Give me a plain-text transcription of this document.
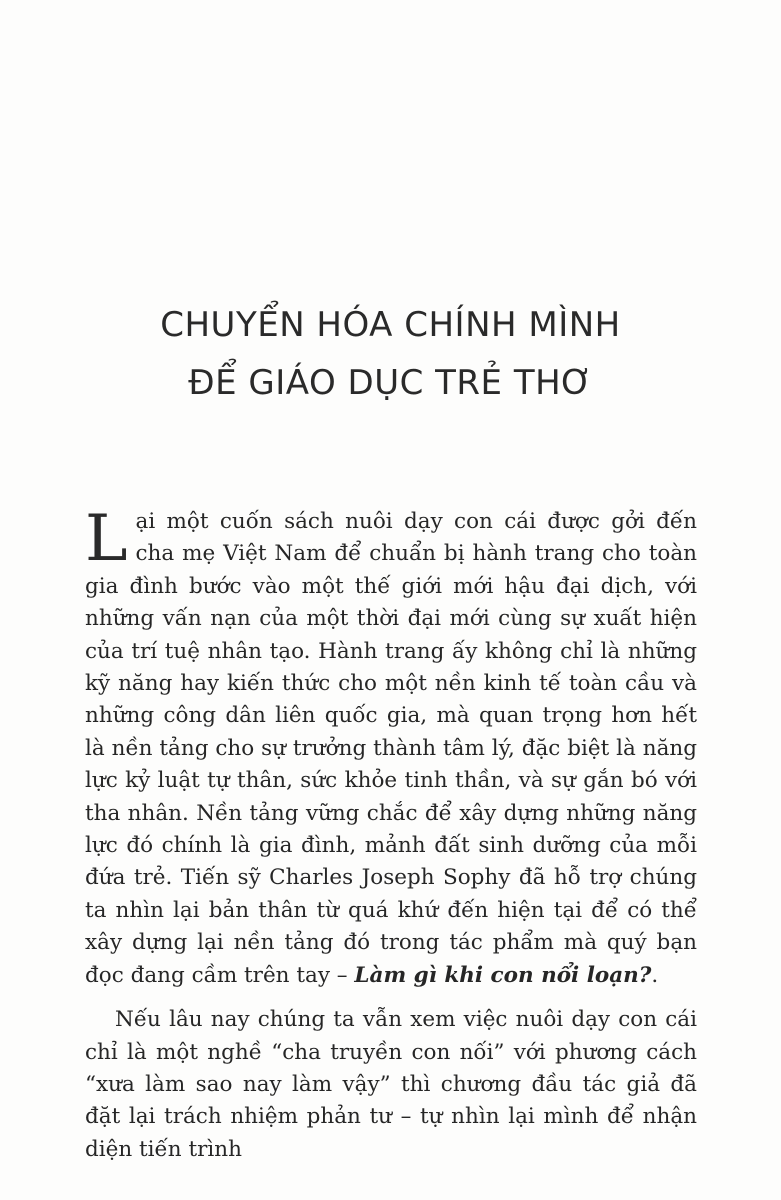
CHUYỂN HÓA CHÍNH MÌNH
ĐỂ GIÁO DỤC TRẺ THƠ

Lại một cuốn sách nuôi dạy con cái được gởi đến cha mẹ Việt Nam để chuẩn bị hành trang cho toàn gia đình bước vào một thế giới mới hậu đại dịch, với những vấn nạn của một thời đại mới cùng sự xuất hiện của trí tuệ nhân tạo. Hành trang ấy không chỉ là những kỹ năng hay kiến thức cho một nền kinh tế toàn cầu và những công dân liên quốc gia, mà quan trọng hơn hết là nền tảng cho sự trưởng thành tâm lý, đặc biệt là năng lực kỷ luật tự thân, sức khỏe tinh thần, và sự gắn bó với tha nhân. Nền tảng vững chắc để xây dựng những năng lực đó chính là gia đình, mảnh đất sinh dưỡng của mỗi đứa trẻ. Tiến sỹ Charles Joseph Sophy đã hỗ trợ chúng ta nhìn lại bản thân từ quá khứ đến hiện tại để có thể xây dựng lại nền tảng đó trong tác phẩm mà quý bạn đọc đang cầm trên tay – Làm gì khi con nổi loạn?.

Nếu lâu nay chúng ta vẫn xem việc nuôi dạy con cái chỉ là một nghề “cha truyền con nối” với phương cách “xưa làm sao nay làm vậy” thì chương đầu tác giả đã đặt lại trách nhiệm phản tư – tự nhìn lại mình để nhận diện tiến trình
